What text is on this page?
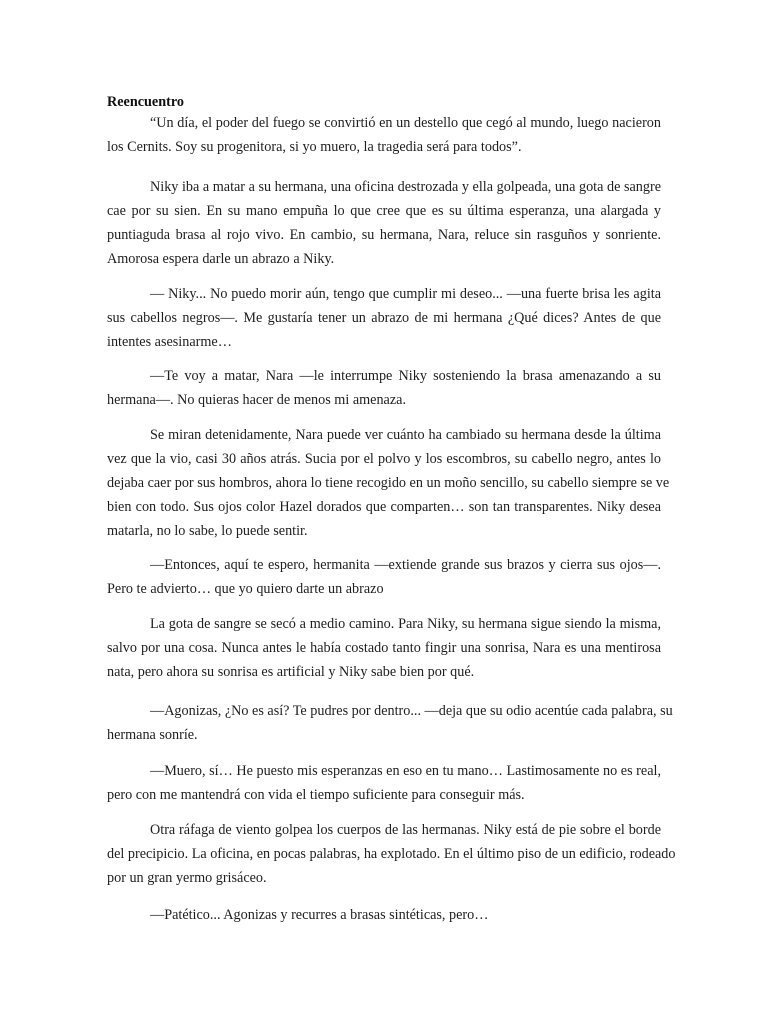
Reencuentro
“Un día, el poder del fuego se convirtió en un destello que cegó al mundo, luego nacieron
los Cernits. Soy su progenitora, si yo muero, la tragedia será para todos”.
Niky iba a matar a su hermana, una oficina destrozada y ella golpeada, una gota de sangre
cae por su sien. En su mano empuña lo que cree que es su última esperanza, una alargada y
puntiaguda brasa al rojo vivo. En cambio, su hermana, Nara, reluce sin rasguños y sonriente.
Amorosa espera darle un abrazo a Niky.
— Niky... No puedo morir aún, tengo que cumplir mi deseo... —una fuerte brisa les agita
sus cabellos negros—. Me gustaría tener un abrazo de mi hermana ¿Qué dices? Antes de que
intentes asesinarme…
—Te voy a matar, Nara —le interrumpe Niky sosteniendo la brasa amenazando a su
hermana—. No quieras hacer de menos mi amenaza.
Se miran detenidamente, Nara puede ver cuánto ha cambiado su hermana desde la última
vez que la vio, casi 30 años atrás. Sucia por el polvo y los escombros, su cabello negro, antes lo
dejaba caer por sus hombros, ahora lo tiene recogido en un moño sencillo, su cabello siempre se ve
bien con todo. Sus ojos color Hazel dorados que comparten… son tan transparentes. Niky desea
matarla, no lo sabe, lo puede sentir.
—Entonces, aquí te espero, hermanita —extiende grande sus brazos y cierra sus ojos—.
Pero te advierto… que yo quiero darte un abrazo
La gota de sangre se secó a medio camino. Para Niky, su hermana sigue siendo la misma,
salvo por una cosa. Nunca antes le había costado tanto fingir una sonrisa, Nara es una mentirosa
nata, pero ahora su sonrisa es artificial y Niky sabe bien por qué.
—Agonizas, ¿No es así? Te pudres por dentro... —deja que su odio acentúe cada palabra, su
hermana sonríe.
—Muero, sí… He puesto mis esperanzas en eso en tu mano… Lastimosamente no es real,
pero con me mantendrá con vida el tiempo suficiente para conseguir más.
Otra ráfaga de viento golpea los cuerpos de las hermanas. Niky está de pie sobre el borde
del precipicio. La oficina, en pocas palabras, ha explotado. En el último piso de un edificio, rodeado
por un gran yermo grisáceo.
—Patético... Agonizas y recurres a brasas sintéticas, pero…
